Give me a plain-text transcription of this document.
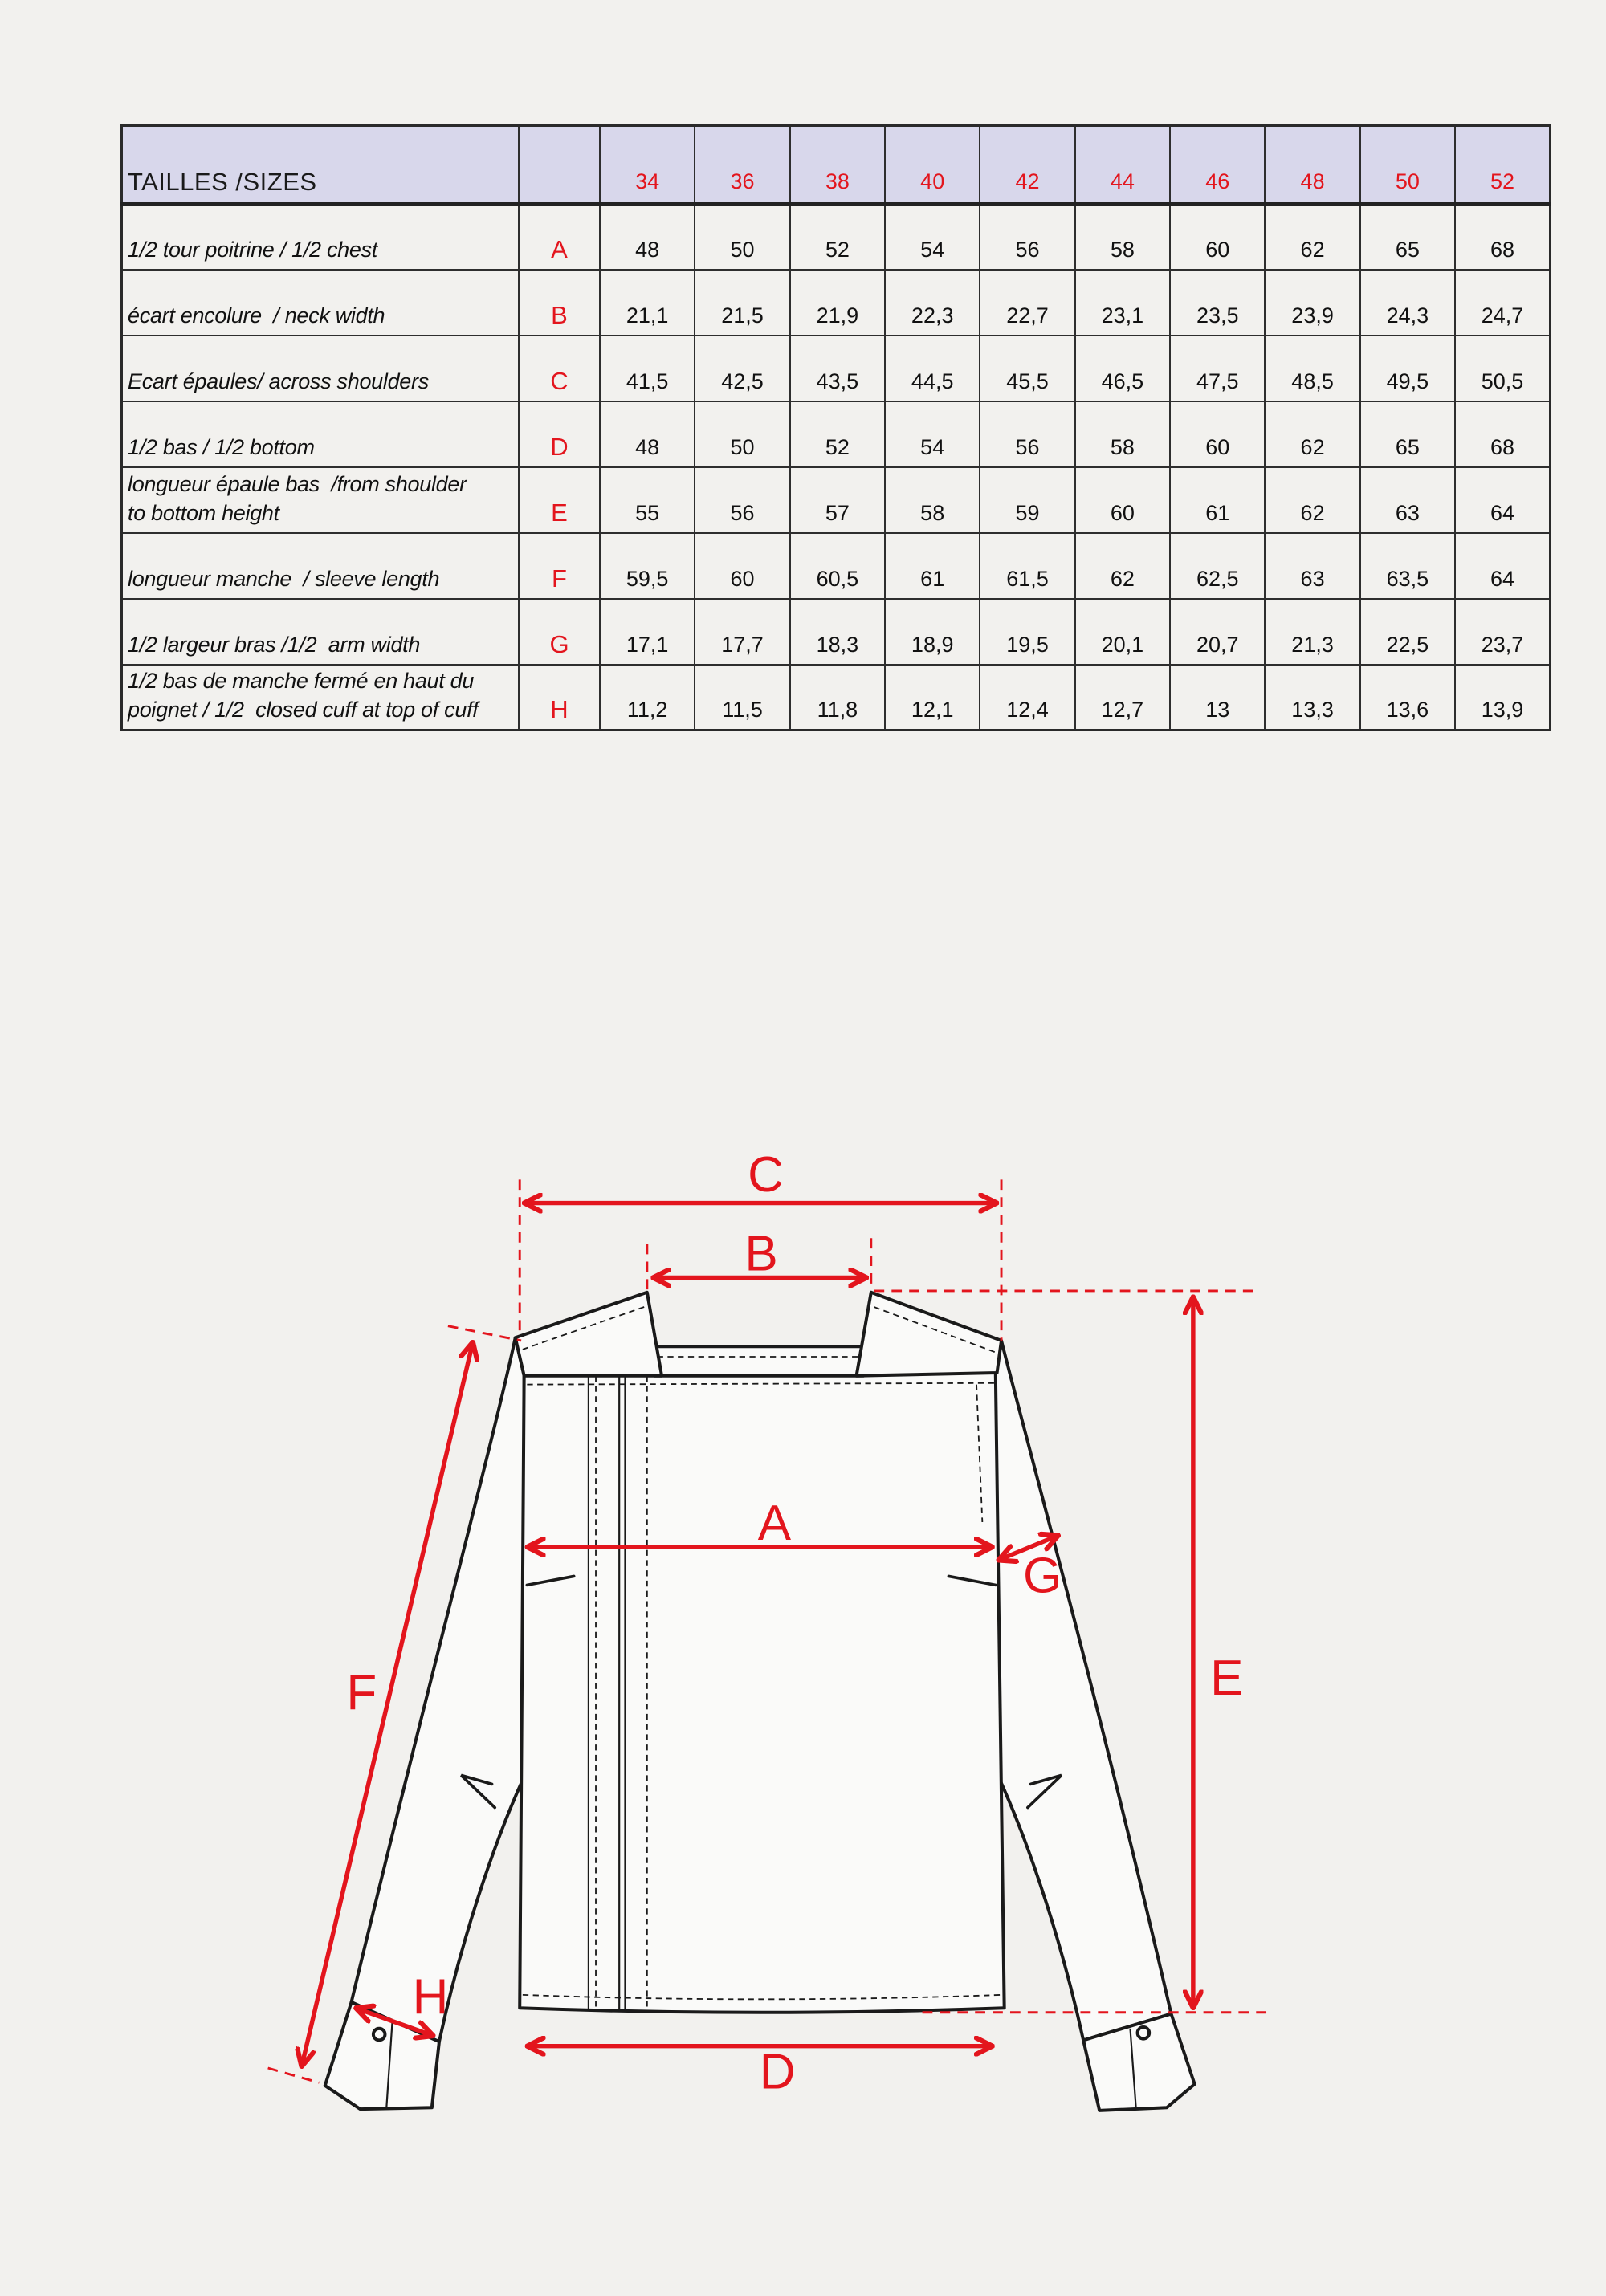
TAILLES /SIZES		34	36	38	40	42	44	46	48	50	52

1/2 tour poitrine / 1/2 chest	A	48	50	52	54	56	58	60	62	65	68

écart encolure  / neck width	B	21,1	21,5	21,9	22,3	22,7	23,1	23,5	23,9	24,3	24,7

Ecart épaules/ across shoulders	C	41,5	42,5	43,5	44,5	45,5	46,5	47,5	48,5	49,5	50,5

1/2 bas / 1/2 bottom	D	48	50	52	54	56	58	60	62	65	68

longueur épaule bas  /from shoulder
to bottom height	E	55	56	57	58	59	60	61	62	63	64

longueur manche  / sleeve length	F	59,5	60	60,5	61	61,5	62	62,5	63	63,5	64

1/2 largeur bras /1/2  arm width	G	17,1	17,7	18,3	18,9	19,5	20,1	20,7	21,3	22,5	23,7

1/2 bas de manche fermé en haut du
poignet / 1/2  closed cuff at top of cuff	H	11,2	11,5	11,8	12,1	12,4	12,7	13	13,3	13,6	13,9
C
B
A
D
E
F
G
H
